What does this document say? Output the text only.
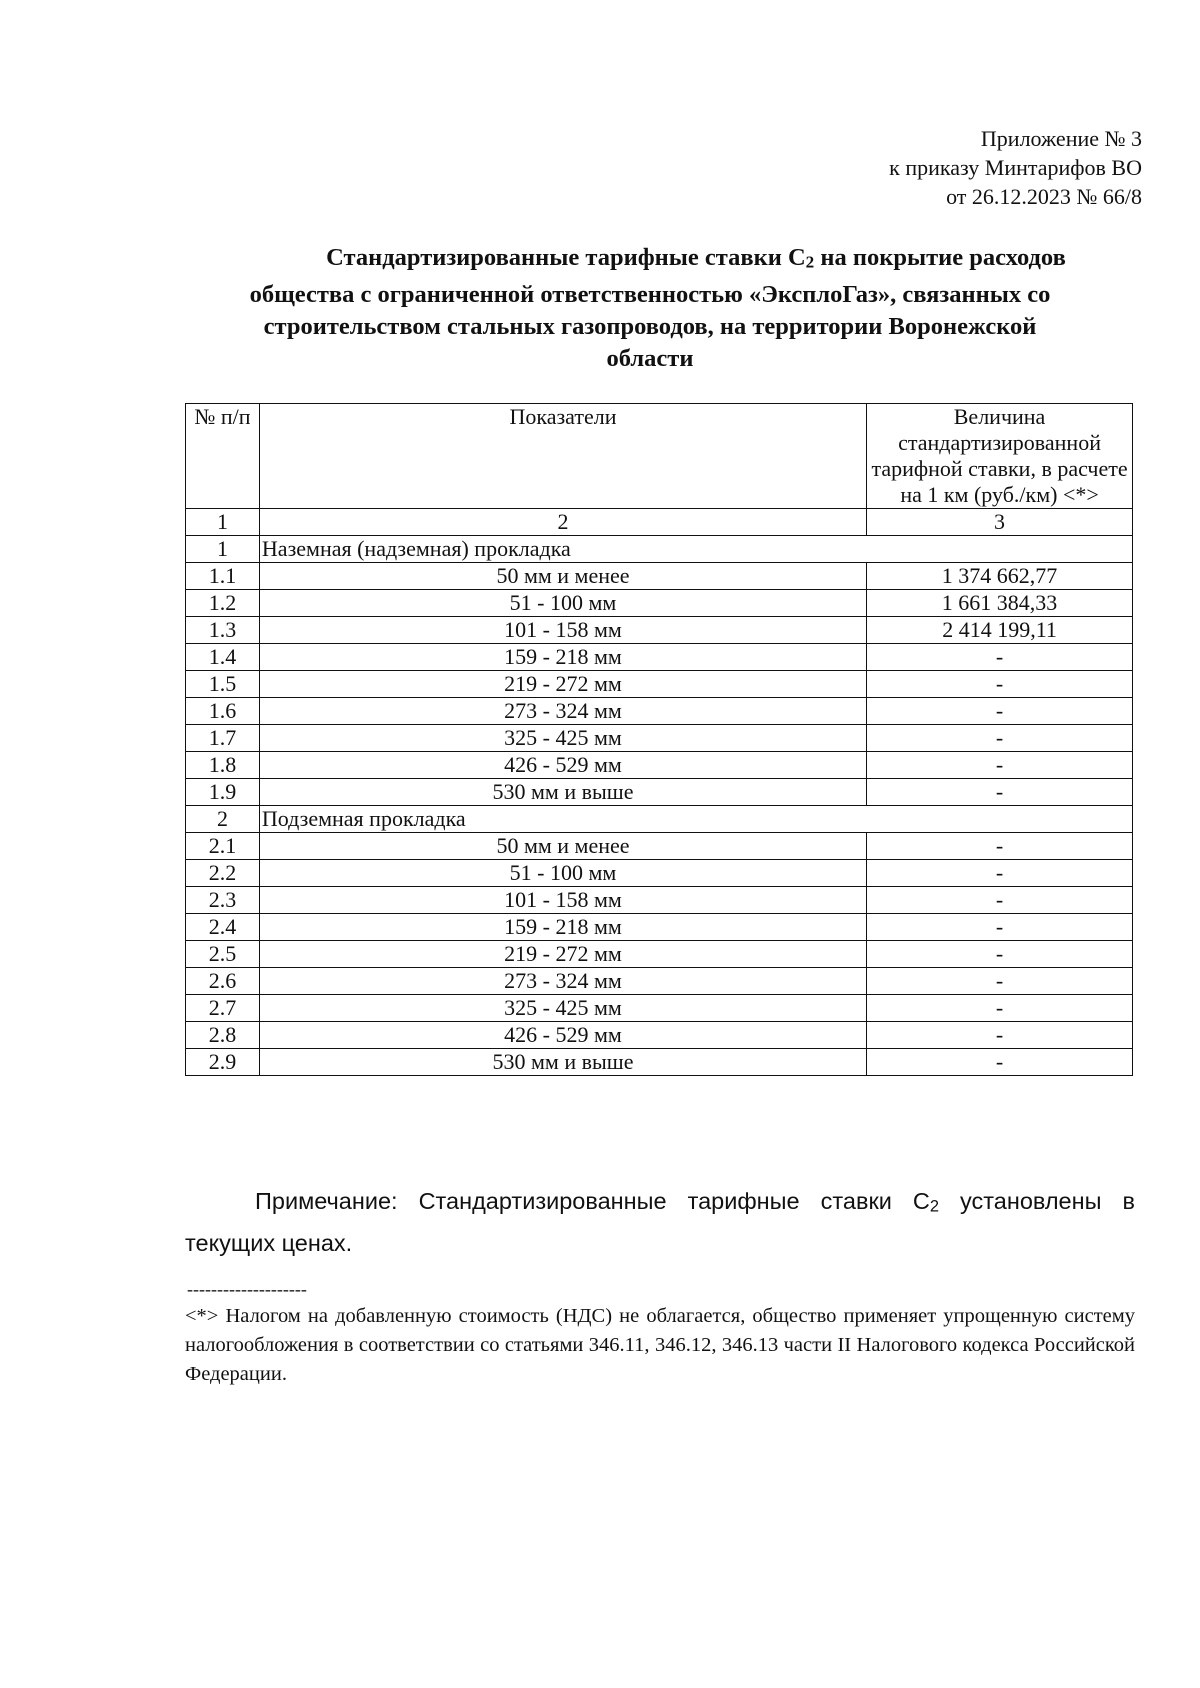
Приложение № 3
к приказу Минтарифов ВО
от 26.12.2023 № 66/8
Стандартизированные тарифные ставки $С_2$ на покрытие расходов
общества с ограниченной ответственностью «ЭксплоГаз», связанных со
строительством стальных газопроводов, на территории Воронежской
области
№ п/п	Показатели	Величина стандартизированной тарифной ставки, в расчете на 1 км (руб./км) <*>
1	2	3
1	Наземная (надземная) прокладка	
1.1	50 мм и менее	1 374 662,77
1.2	51 - 100 мм	1 661 384,33
1.3	101 - 158 мм	2 414 199,11
1.4	159 - 218 мм	-
1.5	219 - 272 мм	-
1.6	273 - 324 мм	-
1.7	325 - 425 мм	-
1.8	426 - 529 мм	-
1.9	530 мм и выше	-
2	Подземная прокладка	
2.1	50 мм и менее	-
2.2	51 - 100 мм	-
2.3	101 - 158 мм	-
2.4	159 - 218 мм	-
2.5	219 - 272 мм	-
2.6	273 - 324 мм	-
2.7	325 - 425 мм	-
2.8	426 - 529 мм	-
2.9	530 мм и выше	-
Примечание: Стандартизированные тарифные ставки $С_2$ установлены в текущих ценах.
--------------------
<*> Налогом на добавленную стоимость (НДС) не облагается, общество применяет упрощенную систему налогообложения в соответствии со статьями 346.11, 346.12, 346.13 части II Налогового кодекса Российской Федерации.
